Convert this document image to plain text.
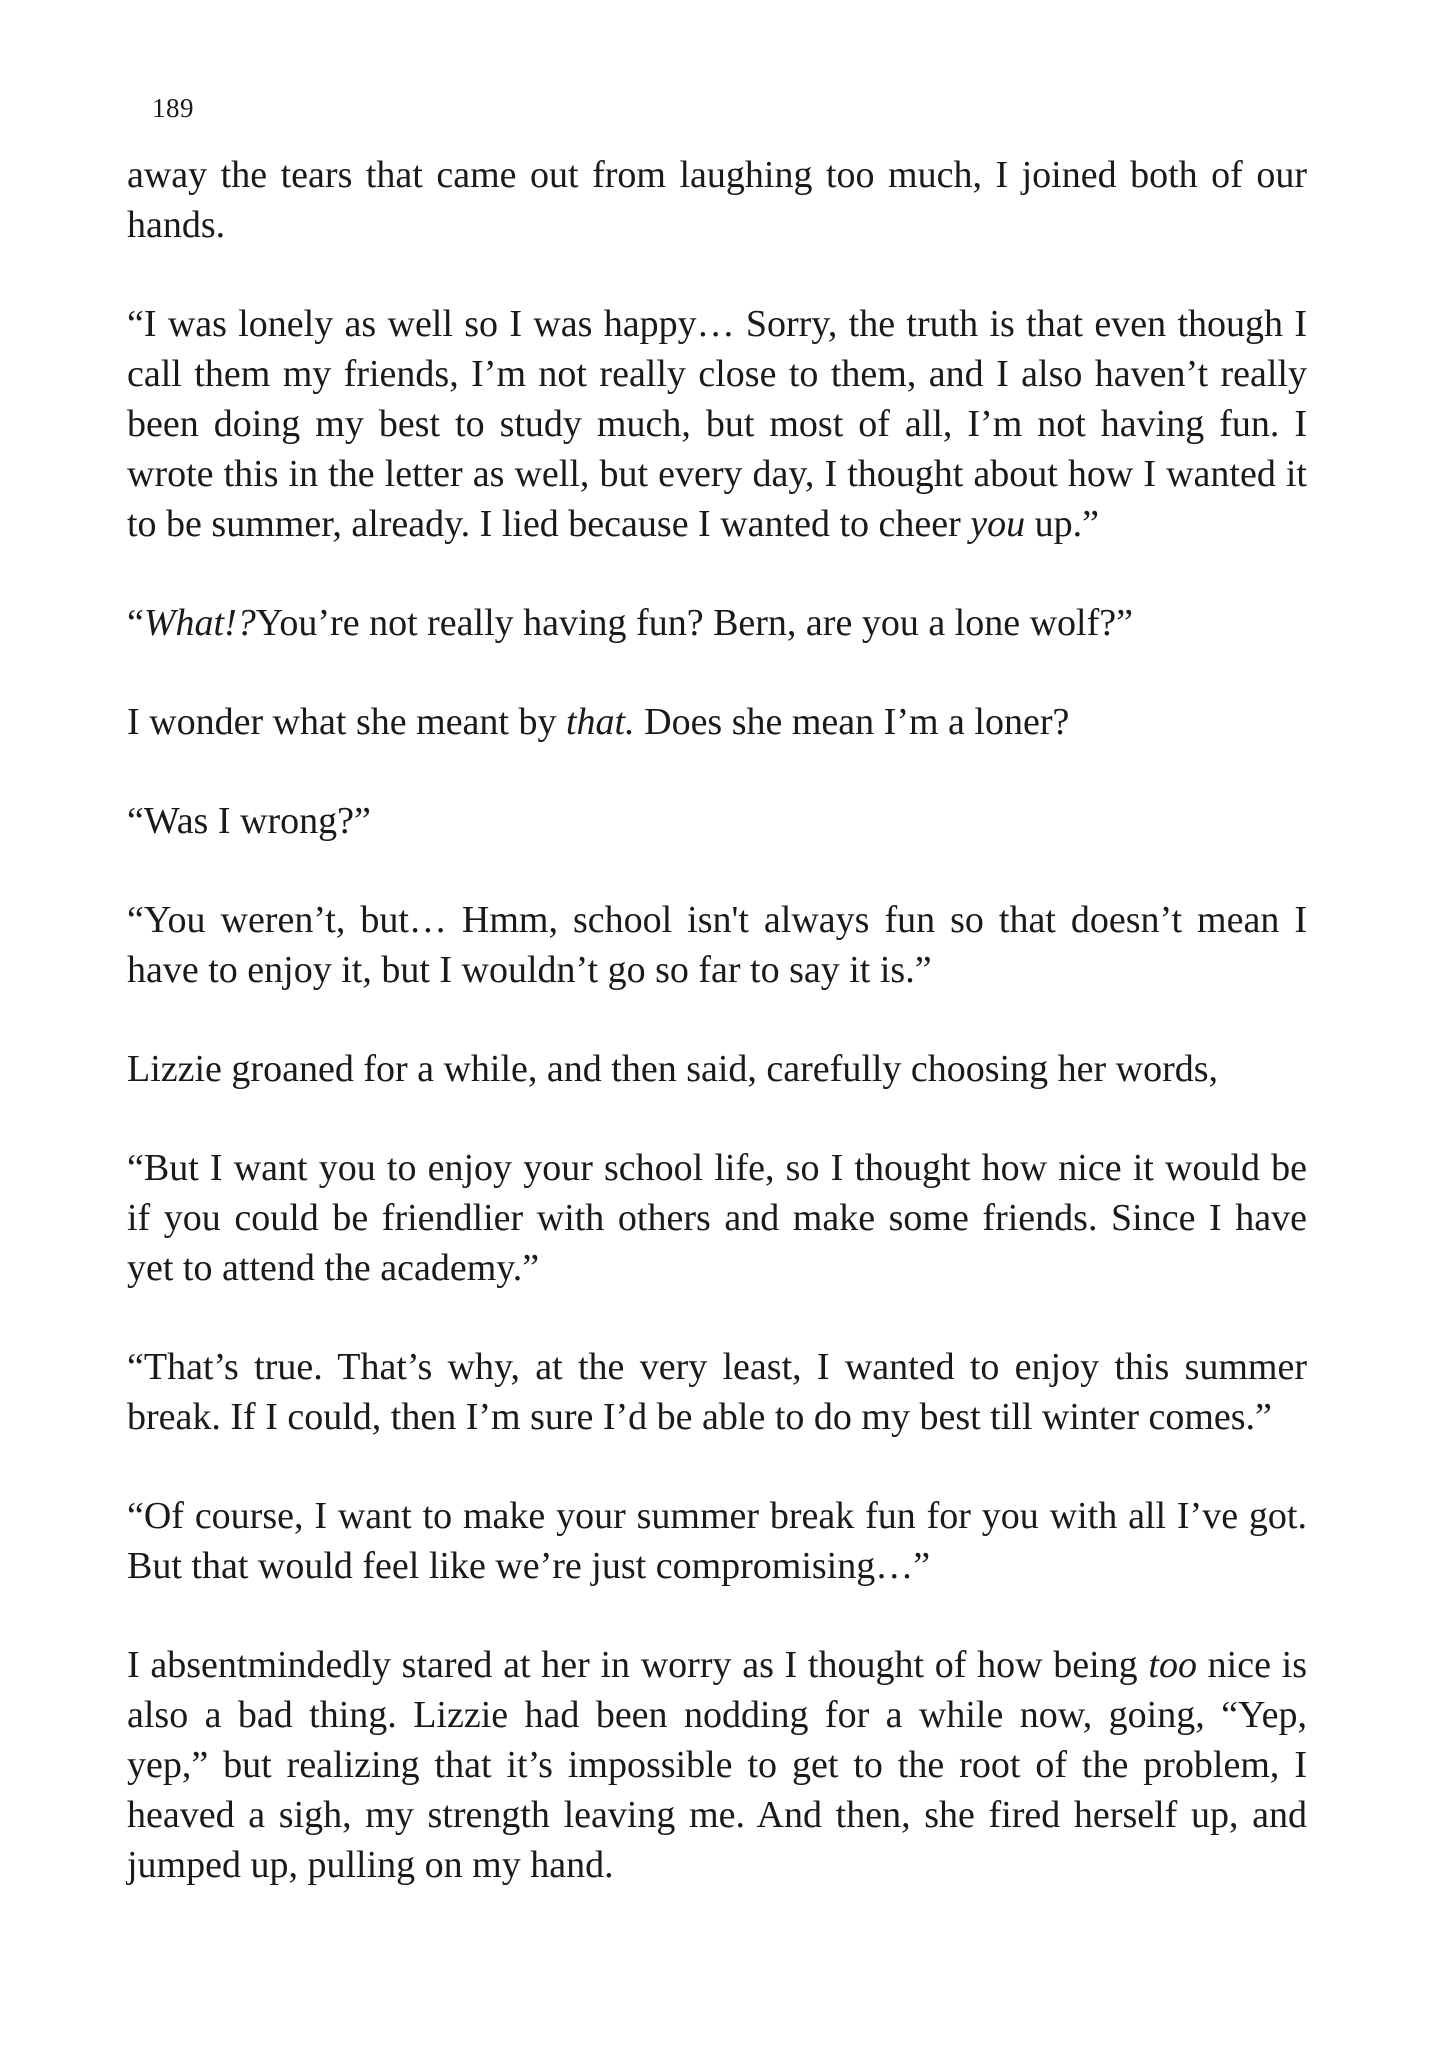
189

away the tears that came out from laughing too much, I joined both of our hands.

“I was lonely as well so I was happy… Sorry, the truth is that even though I call them my friends, I’m not really close to them, and I also haven’t really been doing my best to study much, but most of all, I’m not having fun. I wrote this in the letter as well, but every day, I thought about how I wanted it to be summer, already. I lied because I wanted to cheer you up.”

“What!?You’re not really having fun? Bern, are you a lone wolf?”

I wonder what she meant by that. Does she mean I’m a loner?

“Was I wrong?”

“You weren’t, but… Hmm, school isn't always fun so that doesn’t mean I have to enjoy it, but I wouldn’t go so far to say it is.”

Lizzie groaned for a while, and then said, carefully choosing her words,

“But I want you to enjoy your school life, so I thought how nice it would be if you could be friendlier with others and make some friends. Since I have yet to attend the academy.”

“That’s true. That’s why, at the very least, I wanted to enjoy this summer break. If I could, then I’m sure I’d be able to do my best till winter comes.”

“Of course, I want to make your summer break fun for you with all I’ve got. But that would feel like we’re just compromising…”

I absentmindedly stared at her in worry as I thought of how being too nice is also a bad thing. Lizzie had been nodding for a while now, going, “Yep, yep,” but realizing that it’s impossible to get to the root of the problem, I heaved a sigh, my strength leaving me. And then, she fired herself up, and jumped up, pulling on my hand.
